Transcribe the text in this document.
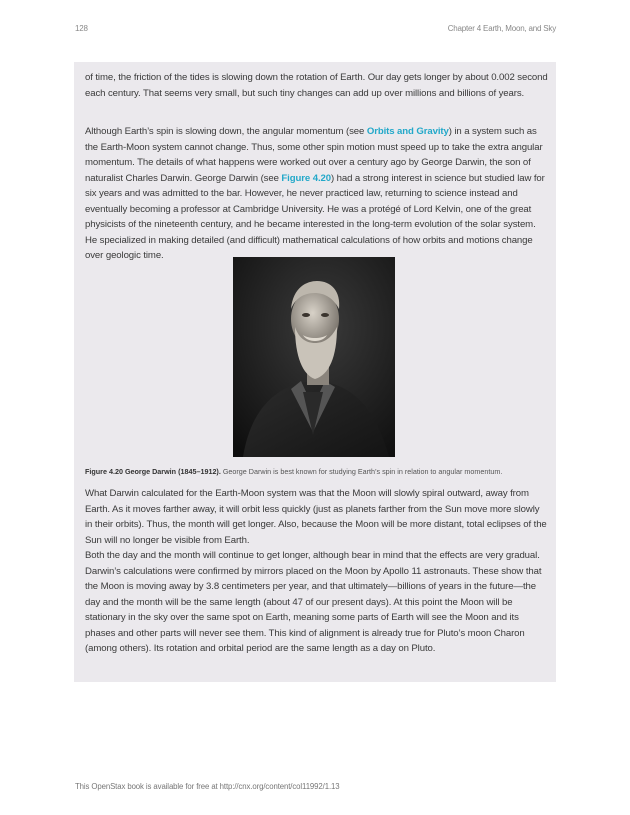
128	Chapter 4 Earth, Moon, and Sky

of time, the friction of the tides is slowing down the rotation of Earth. Our day gets longer by about 0.002 second each century. That seems very small, but such tiny changes can add up over millions and billions of years.

Although Earth’s spin is slowing down, the angular momentum (see Orbits and Gravity) in a system such as the Earth-Moon system cannot change. Thus, some other spin motion must speed up to take the extra angular momentum. The details of what happens were worked out over a century ago by George Darwin, the son of naturalist Charles Darwin. George Darwin (see Figure 4.20) had a strong interest in science but studied law for six years and was admitted to the bar. However, he never practiced law, returning to science instead and eventually becoming a professor at Cambridge University. He was a protégé of Lord Kelvin, one of the great physicists of the nineteenth century, and he became interested in the long-term evolution of the solar system. He specialized in making detailed (and difficult) mathematical calculations of how orbits and motions change over geologic time.

Figure 4.20 George Darwin (1845–1912). George Darwin is best known for studying Earth’s spin in relation to angular momentum.

What Darwin calculated for the Earth-Moon system was that the Moon will slowly spiral outward, away from Earth. As it moves farther away, it will orbit less quickly (just as planets farther from the Sun move more slowly in their orbits). Thus, the month will get longer. Also, because the Moon will be more distant, total eclipses of the Sun will no longer be visible from Earth.

Both the day and the month will continue to get longer, although bear in mind that the effects are very gradual. Darwin’s calculations were confirmed by mirrors placed on the Moon by Apollo 11 astronauts. These show that the Moon is moving away by 3.8 centimeters per year, and that ultimately—billions of years in the future—the day and the month will be the same length (about 47 of our present days). At this point the Moon will be stationary in the sky over the same spot on Earth, meaning some parts of Earth will see the Moon and its phases and other parts will never see them. This kind of alignment is already true for Pluto’s moon Charon (among others). Its rotation and orbital period are the same length as a day on Pluto.

This OpenStax book is available for free at http://cnx.org/content/col11992/1.13
